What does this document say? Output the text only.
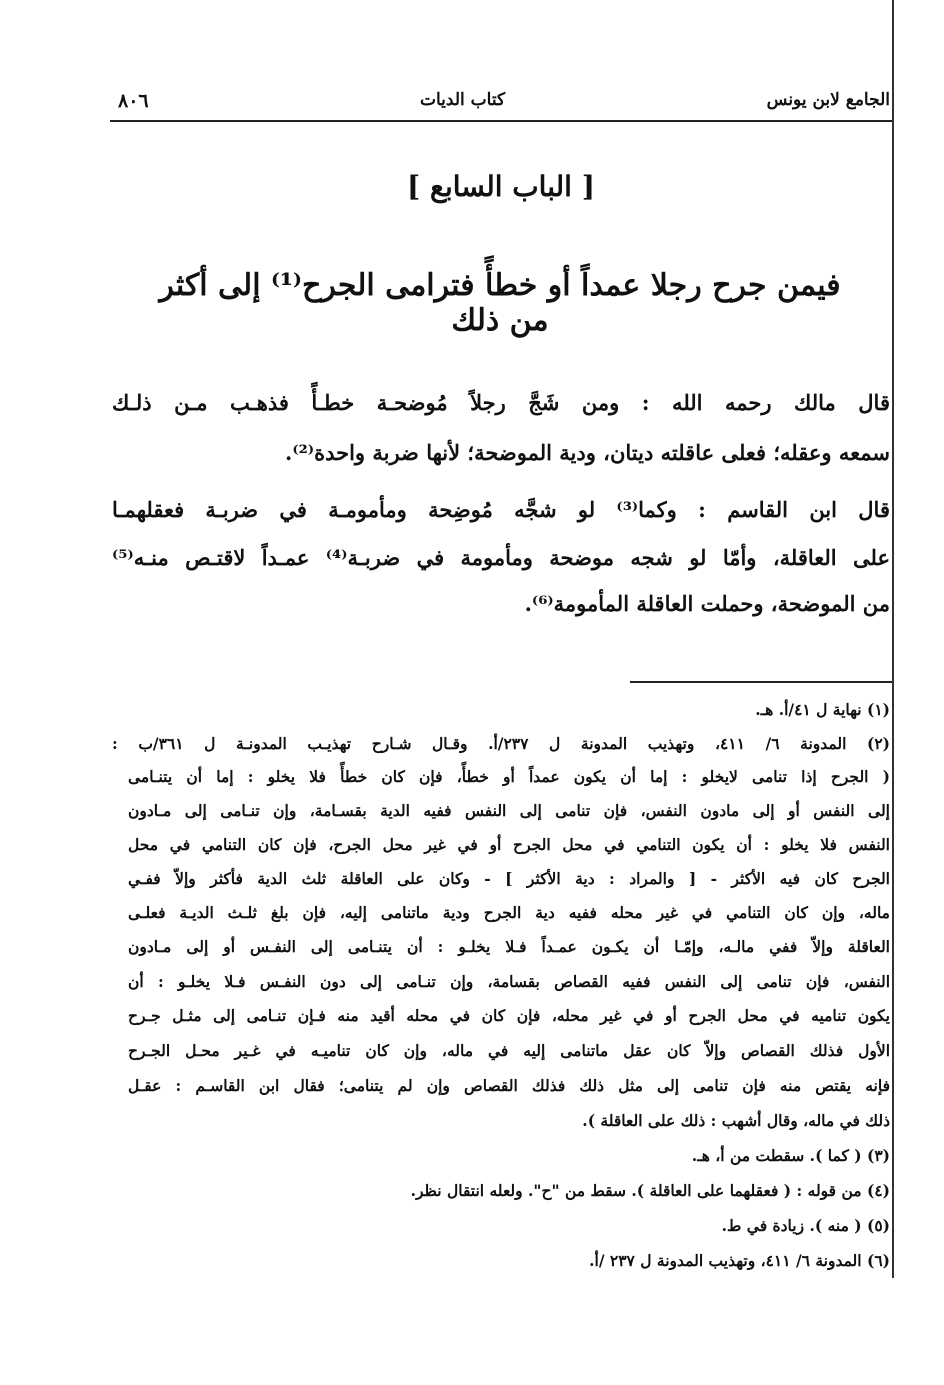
الجامع لابن يونس
كتاب الديات
٨٠٦
[ الباب السابع ]
فيمن جرح رجلا عمداً أو خطأً فترامى الجرح⁽¹⁾ إلى أكثر من ذلك
قال مالك رحمه الله : ومن شَجَّ رجلاً مُوضحـة خطـأً فذهـب مـن ذلـك
سمعه وعقله؛ فعلى عاقلته ديتان، ودية الموضحة؛ لأنها ضربة واحدة⁽²⁾.
قال ابن القاسم : وكما⁽³⁾ لو شجَّه مُوضِحة ومأمومـة في ضربـة فعقلهمـا
على العاقلة، وأمّا لو شجه موضحة ومأمومة في ضربـة⁽⁴⁾ عمـداً لاقتـص منـه⁽⁵⁾
من الموضحة، وحملت العاقلة المأمومة⁽⁶⁾.
(١) نهاية ل ٤١/أ. هـ.
(٢) المدونة ٦/ ٤١١، وتهذيب المدونة ل ٢٣٧/أ. وقـال شـارح تهذيـب المدونـة ل ٣٦١/ب :
( الجرح إذا تنامى لايخلو : إما أن يكون عمداً أو خطأً، فإن كان خطأً فلا يخلو : إما أن يتنـامى
إلى النفس أو إلى مادون النفس، فإن تنامى إلى النفس ففيه الدية بقسـامة، وإن تنـامى إلى مـادون
النفس فلا يخلو : أن يكون التنامي في محل الجرح أو في غير محل الجرح، فإن كان التنامي في محل
الجرح كان فيه الأكثر - [ والمراد : دية الأكثر ] - وكان على العاقلة ثلث الدية فأكثر وإلاّ ففـي
ماله، وإن كان التنامي في غير محله ففيه دية الجرح ودية ماتنامى إليه، فإن بلغ ثلـث الديـة فعلـى
العاقلة وإلاّ ففي مالـه، وإمّـا أن يكـون عمـداً فـلا يخلـو : أن يتنـامى إلى النفـس أو إلى مـادون
النفس، فإن تنامى إلى النفس ففيه القصاص بقسامة، وإن تنـامى إلى دون النفـس فـلا يخلـو : أن
يكون تناميه في محل الجرح أو في غير محله، فإن كان في محله أقيد منه فـإن تنـامى إلى مثـل جـرح
الأول فذلك القصاص وإلاّ كان عقل ماتنامى إليه في ماله، وإن كان تناميـه في غـير محـل الجـرح
فإنه يقتص منه فإن تنامى إلى مثل ذلك فذلك القصاص وإن لم يتنامى؛ فقال ابن القاسـم : عقـل
ذلك في ماله، وقال أشهب : ذلك على العاقلة ).
(٣) ( كما ). سقطت من أ، هـ.
(٤) من قوله : ( فعقلهما على العاقلة ). سقط من "ح". ولعله انتقال نظر.
(٥) ( منه ). زيادة في ط.
(٦) المدونة ٦/ ٤١١، وتهذيب المدونة ل ٢٣٧ /أ.
